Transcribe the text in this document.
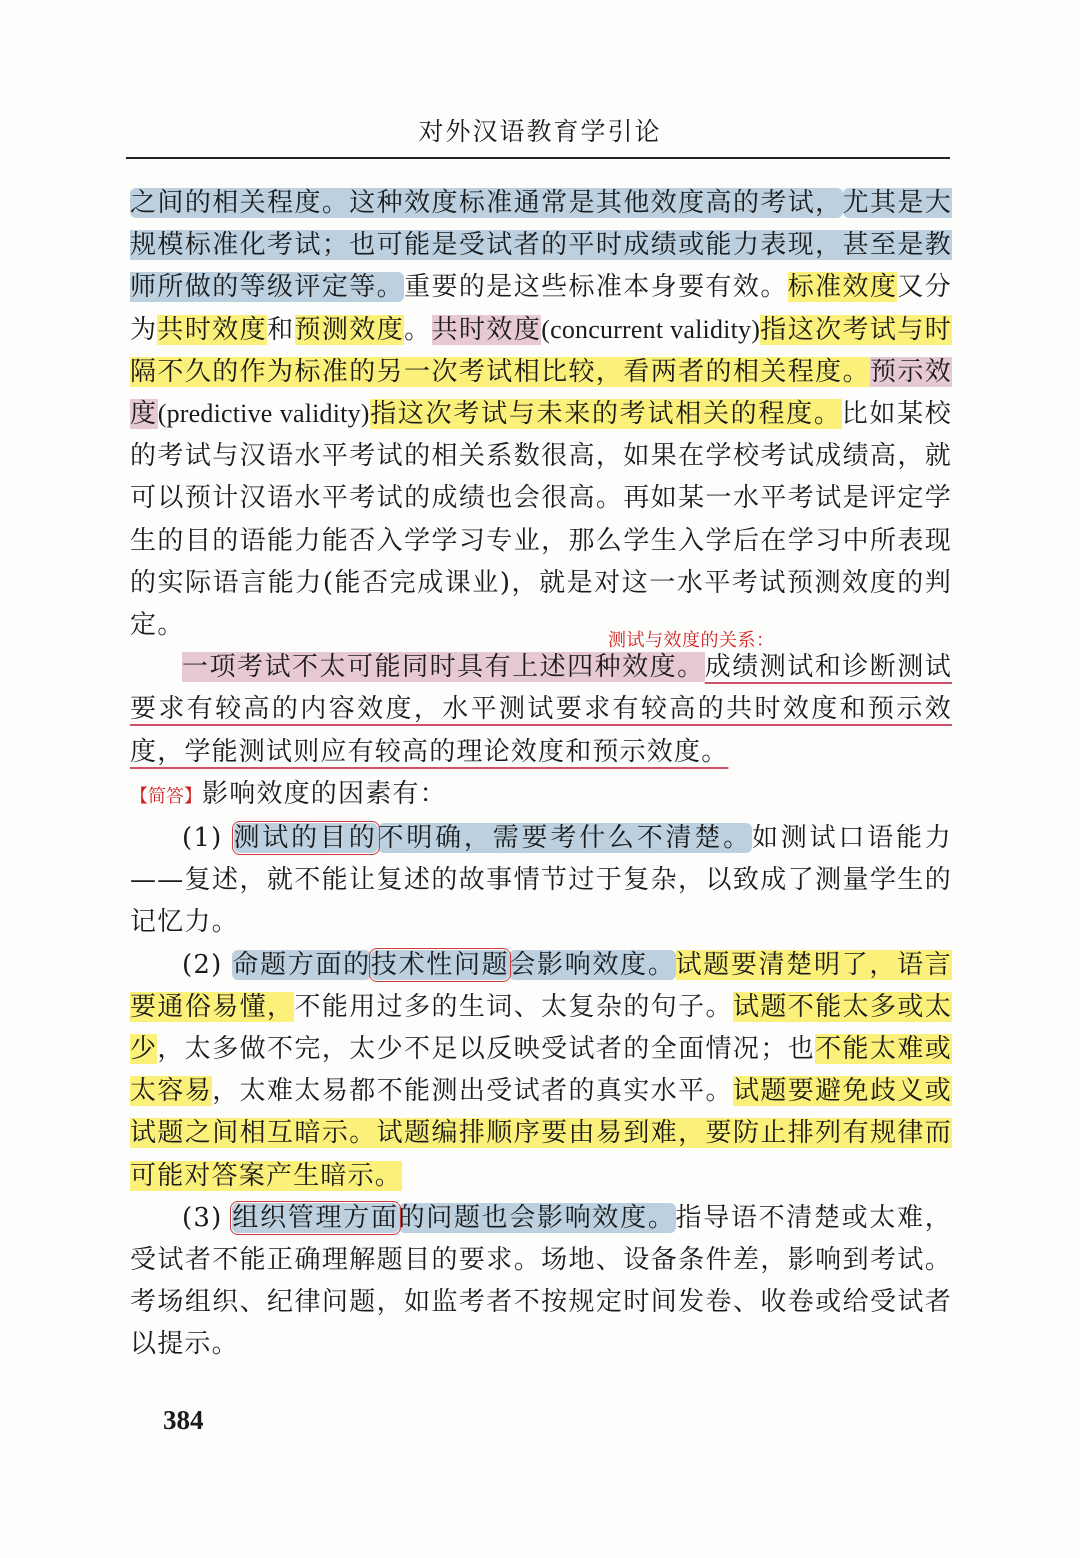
对外汉语教育学引论
测试与效度的关系：

之间的相关程度。这种效度标准通常是其他效度高的考试，尤其是大规模标准化考试；也可能是受试者的平时成绩或能力表现，甚至是教师所做的等级评定等。重要的是这些标准本身要有效。标准效度又分为共时效度和预测效度。共时效度(concurrent validity)指这次考试与时隔不久的作为标准的另一次考试相比较，看两者的相关程度。预示效度(predictive validity)指这次考试与未来的考试相关的程度。比如某校的考试与汉语水平考试的相关系数很高，如果在学校考试成绩高，就可以预计汉语水平考试的成绩也会很高。再如某一水平考试是评定学生的目的语能力能否入学学习专业，那么学生入学后在学习中所表现的实际语言能力(能否完成课业)，就是对这一水平考试预测效度的判定。

一项考试不太可能同时具有上述四种效度。成绩测试和诊断测试要求有较高的内容效度，水平测试要求有较高的共时效度和预示效度，学能测试则应有较高的理论效度和预示效度。

【简答】影响效度的因素有：

(1) 测试的目的不明确，需要考什么不清楚。如测试口语能力——复述，就不能让复述的故事情节过于复杂，以致成了测量学生的记忆力。

(2) 命题方面的技术性问题会影响效度。试题要清楚明了，语言要通俗易懂，不能用过多的生词、太复杂的句子。试题不能太多或太少，太多做不完，太少不足以反映受试者的全面情况；也不能太难或太容易，太难太易都不能测出受试者的真实水平。试题要避免歧义或试题之间相互暗示。试题编排顺序要由易到难，要防止排列有规律而可能对答案产生暗示。

(3) 组织管理方面的问题也会影响效度。指导语不清楚或太难，受试者不能正确理解题目的要求。场地、设备条件差，影响到考试。考场组织、纪律问题，如监考者不按规定时间发卷、收卷或给受试者以提示。

384
